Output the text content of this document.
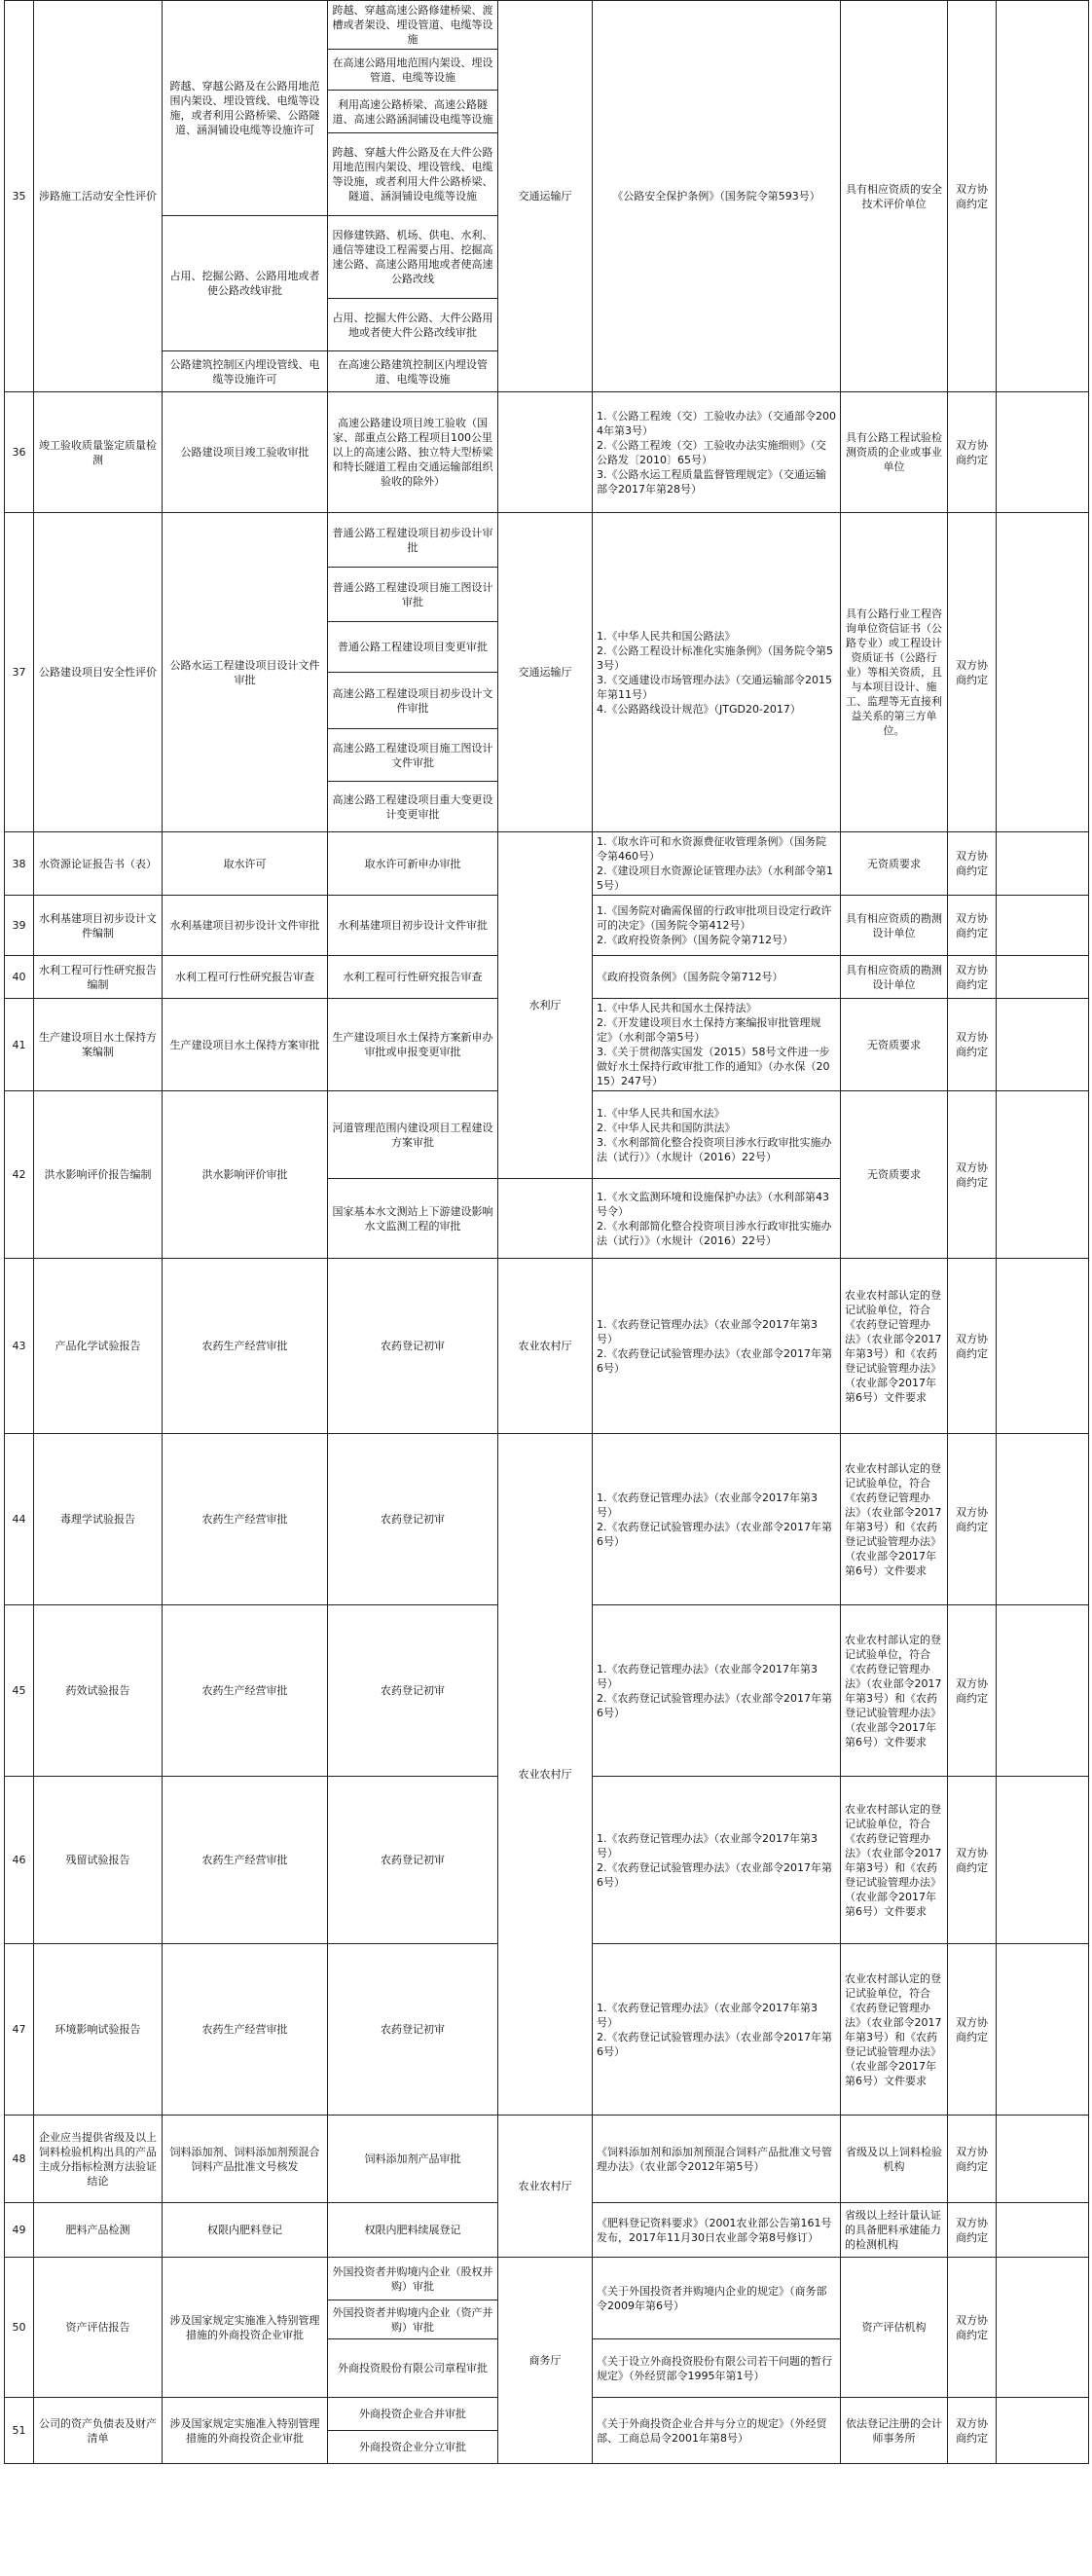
35	涉路施工活动安全性评价	跨越、穿越公路及在公路用地范围内架设、埋设管线、电缆等设施，或者利用公路桥梁、公路隧道、涵洞铺设电缆等设施许可	跨越、穿越高速公路修建桥梁、渡槽或者架设、埋设管道、电缆等设施	交通运输厅	《公路安全保护条例》（国务院令第593号）	具有相应资质的安全技术评价单位	双方协商约定	
			在高速公路用地范围内架设、埋设管道、电缆等设施					
			利用高速公路桥梁、高速公路隧道、高速公路涵洞铺设电缆等设施					
			跨越、穿越大件公路及在大件公路用地范围内架设、埋设管线、电缆等设施，或者利用大件公路桥梁、隧道、涵洞铺设电缆等设施					
		占用、挖掘公路、公路用地或者使公路改线审批	因修建铁路、机场、供电、水利、通信等建设工程需要占用、挖掘高速公路、高速公路用地或者使高速公路改线					
			占用、挖掘大件公路、大件公路用地或者使大件公路改线审批					
		公路建筑控制区内埋设管线、电缆等设施许可	在高速公路建筑控制区内埋设管道、电缆等设施					

36	竣工验收质量鉴定质量检测	公路建设项目竣工验收审批	高速公路建设项目竣工验收（国家、部重点公路工程项目100公里以上的高速公路、独立特大型桥梁和特长隧道工程由交通运输部组织验收的除外）		1.《公路工程竣（交）工验收办法》（交通部令2004年第3号）
2.《公路工程竣（交）工验收办法实施细则》（交公路发〔2010〕65号）
3.《公路水运工程质量监督管理规定》（交通运输部令2017年第28号）	具有公路工程试验检测资质的企业或事业单位	双方协商约定	
37	公路建设项目安全性评价	公路水运工程建设项目设计文件审批	普通公路工程建设项目初步设计审批	交通运输厅	1.《中华人民共和国公路法》
2.《公路工程设计标准化实施条例》（国务院令第53号）
3.《交通建设市场管理办法》（交通运输部令2015年第11号）
4.《公路路线设计规范》（JTGD20-2017）	具有公路行业工程咨询单位资信证书（公路专业）或工程设计资质证书（公路行业）等相关资质，且与本项目设计、施工、监理等无直接利益关系的第三方单位。	双方协商约定	
			普通公路工程建设项目施工图设计审批					
			普通公路工程建设项目变更审批					
			高速公路工程建设项目初步设计文件审批					
			高速公路工程建设项目施工图设计文件审批					
			高速公路工程建设项目重大变更设计变更审批					
38	水资源论证报告书（表）	取水许可	取水许可新申办审批	水利厅	1.《取水许可和水资源费征收管理条例》（国务院令第460号）
2.《建设项目水资源论证管理办法》（水利部令第15号）	无资质要求	双方协商约定	
39	水利基建项目初步设计文件编制	水利基建项目初步设计文件审批	水利基建项目初步设计文件审批		1.《国务院对确需保留的行政审批项目设定行政许可的决定》（国务院令第412号）
2.《政府投资条例》（国务院令第712号）	具有相应资质的勘测设计单位	双方协商约定	
40	水利工程可行性研究报告编制	水利工程可行性研究报告审查	水利工程可行性研究报告审查		《政府投资条例》（国务院令第712号）	具有相应资质的勘测设计单位	双方协商约定	
41	生产建设项目水土保持方案编制	生产建设项目水土保持方案审批	生产建设项目水土保持方案新申办审批或申报变更审批		1.《中华人民共和国水土保持法》
2.《开发建设项目水土保持方案编报审批管理规定》（水利部令第5号）
3.《关于贯彻落实国发（2015）58号文件进一步做好水土保持行政审批工作的通知》（办水保（2015）247号）	无资质要求	双方协商约定	
42	洪水影响评价报告编制	洪水影响评价审批	河道管理范围内建设项目工程建设方案审批		1.《中华人民共和国水法》
2.《中华人民共和国防洪法》
3.《水利部简化整合投资项目涉水行政审批实施办法（试行）》（水规计（2016）22号）	无资质要求	双方协商约定	
			国家基本水文测站上下游建设影响水文监测工程的审批		1.《水文监测环境和设施保护办法》（水利部第43号令）
2.《水利部简化整合投资项目涉水行政审批实施办法（试行）》（水规计（2016）22号）			
43	产品化学试验报告	农药生产经营审批	农药登记初审	农业农村厅	1.《农药登记管理办法》（农业部令2017年第3号）
2.《农药登记试验管理办法》（农业部令2017年第6号）	农业农村部认定的登记试验单位，符合《农药登记管理办法》（农业部令2017年第3号）和《农药登记试验管理办法》（农业部令2017年第6号）文件要求	双方协商约定	
44	毒理学试验报告	农药生产经营审批	农药登记初审	农业农村厅	1.《农药登记管理办法》（农业部令2017年第3号）
2.《农药登记试验管理办法》（农业部令2017年第6号）	农业农村部认定的登记试验单位，符合《农药登记管理办法》（农业部令2017年第3号）和《农药登记试验管理办法》（农业部令2017年第6号）文件要求	双方协商约定	
45	药效试验报告	农药生产经营审批	农药登记初审		1.《农药登记管理办法》（农业部令2017年第3号）
2.《农药登记试验管理办法》（农业部令2017年第6号）	农业农村部认定的登记试验单位，符合《农药登记管理办法》（农业部令2017年第3号）和《农药登记试验管理办法》（农业部令2017年第6号）文件要求	双方协商约定	
46	残留试验报告	农药生产经营审批	农药登记初审		1.《农药登记管理办法》（农业部令2017年第3号）
2.《农药登记试验管理办法》（农业部令2017年第6号）	农业农村部认定的登记试验单位，符合《农药登记管理办法》（农业部令2017年第3号）和《农药登记试验管理办法》（农业部令2017年第6号）文件要求	双方协商约定	
47	环境影响试验报告	农药生产经营审批	农药登记初审		1.《农药登记管理办法》（农业部令2017年第3号）
2.《农药登记试验管理办法》（农业部令2017年第6号）	农业农村部认定的登记试验单位，符合《农药登记管理办法》（农业部令2017年第3号）和《农药登记试验管理办法》（农业部令2017年第6号）文件要求	双方协商约定	
48	企业应当提供省级及以上饲料检验机构出具的产品主成分指标检测方法验证结论	饲料添加剂、饲料添加剂预混合饲料产品批准文号核发	饲料添加剂产品审批	农业农村厅	《饲料添加剂和添加剂预混合饲料产品批准文号管理办法》（农业部令2012年第5号）	省级及以上饲料检验机构	双方协商约定	
49	肥料产品检测	权限内肥料登记	权限内肥料续展登记		《肥料登记资料要求》（2001农业部公告第161号发布，2017年11月30日农业部令第8号修订）	省级以上经计量认证的具备肥料承建能力的检测机构	双方协商约定	
50	资产评估报告	涉及国家规定实施准入特别管理措施的外商投资企业审批	外国投资者并购境内企业（股权并购）审批	商务厅	《关于外国投资者并购境内企业的规定》（商务部令2009年第6号）	资产评估机构	双方协商约定	
			外国投资者并购境内企业（资产并购）审批					
			外商投资股份有限公司章程审批		《关于设立外商投资股份有限公司若干问题的暂行规定》（外经贸部令1995年第1号）			
51	公司的资产负债表及财产清单	涉及国家规定实施准入特别管理措施的外商投资企业审批	外商投资企业合并审批		《关于外商投资企业合并与分立的规定》（外经贸部、工商总局令2001年第8号）	依法登记注册的会计师事务所	双方协商约定	
			外商投资企业分立审批					
